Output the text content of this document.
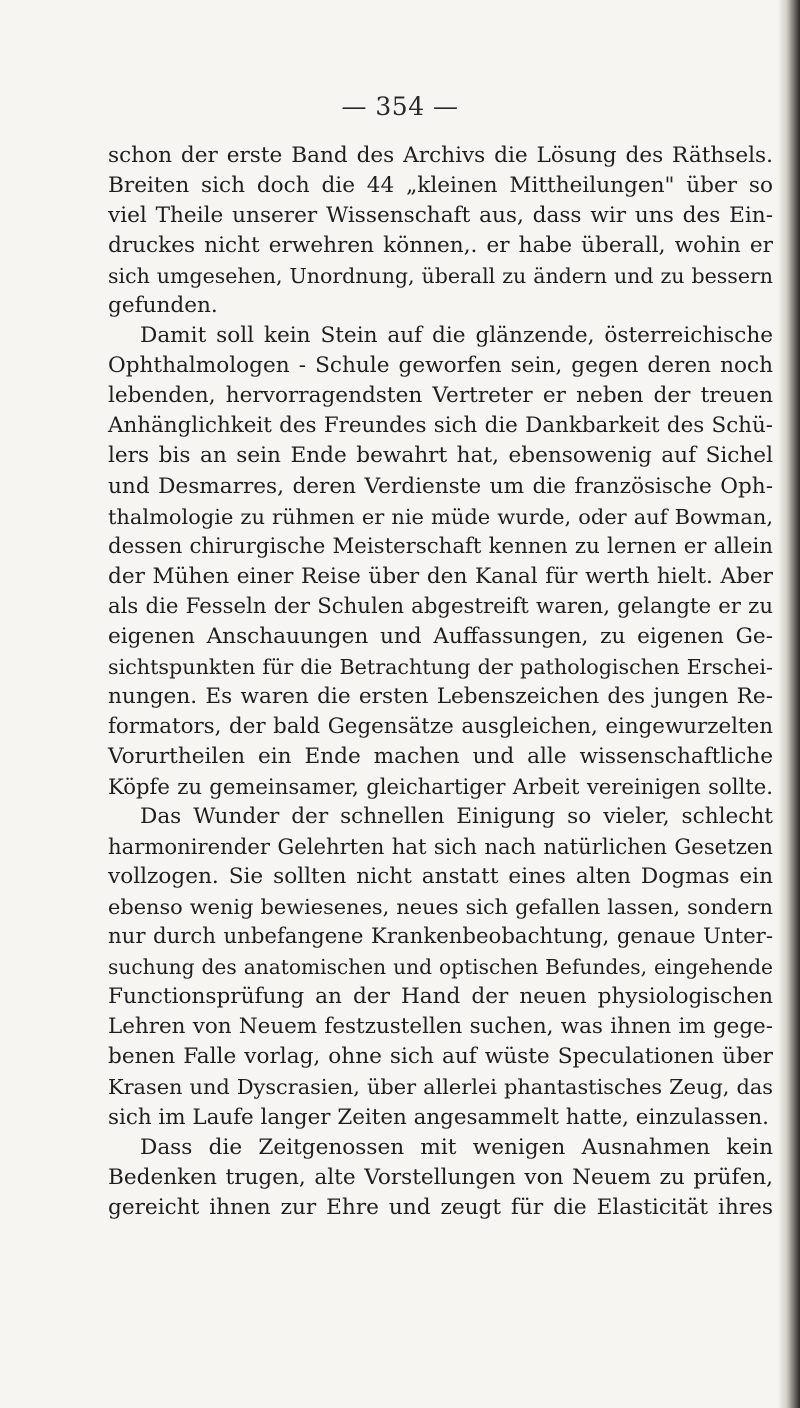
— 354 —
schon der erste Band des Archivs die Lösung des Räthsels.
Breiten sich doch die 44 „kleinen Mittheilungen" über so
viel Theile unserer Wissenschaft aus, dass wir uns des Ein-
druckes nicht erwehren können,. er habe überall, wohin er
sich umgesehen, Unordnung, überall zu ändern und zu bessern
gefunden.
Damit soll kein Stein auf die glänzende, österreichische
Ophthalmologen - Schule geworfen sein, gegen deren noch
lebenden, hervorragendsten Vertreter er neben der treuen
Anhänglichkeit des Freundes sich die Dankbarkeit des Schü-
lers bis an sein Ende bewahrt hat, ebensowenig auf Sichel
und Desmarres, deren Verdienste um die französische Oph-
thalmologie zu rühmen er nie müde wurde, oder auf Bowman,
dessen chirurgische Meisterschaft kennen zu lernen er allein
der Mühen einer Reise über den Kanal für werth hielt. Aber
als die Fesseln der Schulen abgestreift waren, gelangte er zu
eigenen Anschauungen und Auffassungen, zu eigenen Ge-
sichtspunkten für die Betrachtung der pathologischen Erschei-
nungen. Es waren die ersten Lebenszeichen des jungen Re-
formators, der bald Gegensätze ausgleichen, eingewurzelten
Vorurtheilen ein Ende machen und alle wissenschaftliche
Köpfe zu gemeinsamer, gleichartiger Arbeit vereinigen sollte.
Das Wunder der schnellen Einigung so vieler, schlecht
harmonirender Gelehrten hat sich nach natürlichen Gesetzen
vollzogen. Sie sollten nicht anstatt eines alten Dogmas ein
ebenso wenig bewiesenes, neues sich gefallen lassen, sondern
nur durch unbefangene Krankenbeobachtung, genaue Unter-
suchung des anatomischen und optischen Befundes, eingehende
Functionsprüfung an der Hand der neuen physiologischen
Lehren von Neuem festzustellen suchen, was ihnen im gege-
benen Falle vorlag, ohne sich auf wüste Speculationen über
Krasen und Dyscrasien, über allerlei phantastisches Zeug, das
sich im Laufe langer Zeiten angesammelt hatte, einzulassen.
Dass die Zeitgenossen mit wenigen Ausnahmen kein
Bedenken trugen, alte Vorstellungen von Neuem zu prüfen,
gereicht ihnen zur Ehre und zeugt für die Elasticität ihres
